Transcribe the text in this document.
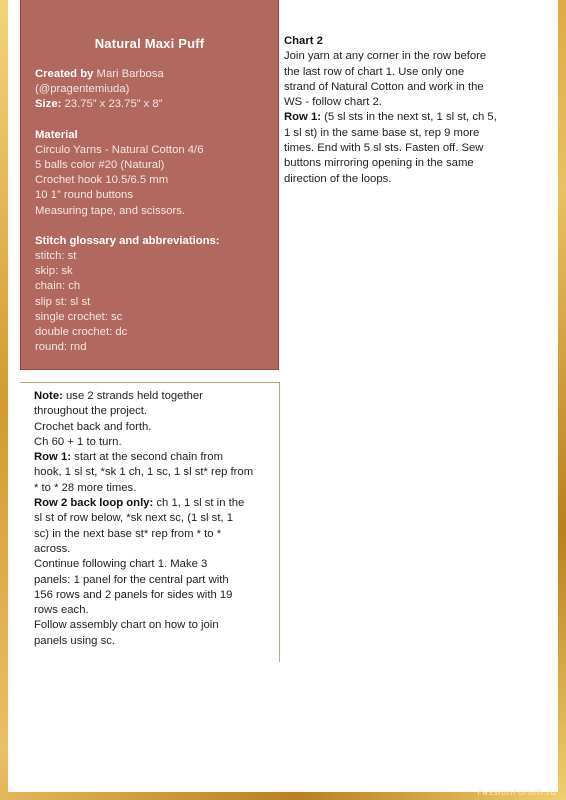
Natural Maxi Puff

Created by Mari Barbosa

(@pragentemiuda)

Size: 23.75” x 23.75” x 8”

Material

Circulo Yarns - Natural Cotton 4/6

5 balls color #20 (Natural)

Crochet hook 10.5/6.5 mm

10 1” round buttons

Measuring tape, and scissors.

Stitch glossary and abbreviations:

stitch: st

skip: sk

chain: ch

slip st: sl st

single crochet: sc

double crochet: dc

round: rnd

Note: use 2 strands held together

throughout the project.

Crochet back and forth.

Ch 60 + 1 to turn.

Row 1: start at the second chain from

hook, 1 sl st, *sk 1 ch, 1 sc, 1 sl st* rep from

* to * 28 more times.

Row 2 back loop only: ch 1, 1 sl st in the

sl st of row below, *sk next sc, (1 sl st, 1

sc) in the next base st* rep from * to *

across.

Continue following chart 1. Make 3

panels: 1 panel for the central part with

156 rows and 2 panels for sides with 19

rows each.

Follow assembly chart on how to join

panels using sc.

Chart 2

Join yarn at any corner in the row before

the last row of chart 1. Use only one

strand of Natural Cotton and work in the

WS - follow chart 2.

Row 1: (5 sl sts in the next st, 1 sl st, ch 5,

1 sl st) in the same base st, rep 9 more

times. End with 5 sl sts. Fasten off. Sew

buttons mirroring opening in the same

direction of the loops.

PassionForum.ru
